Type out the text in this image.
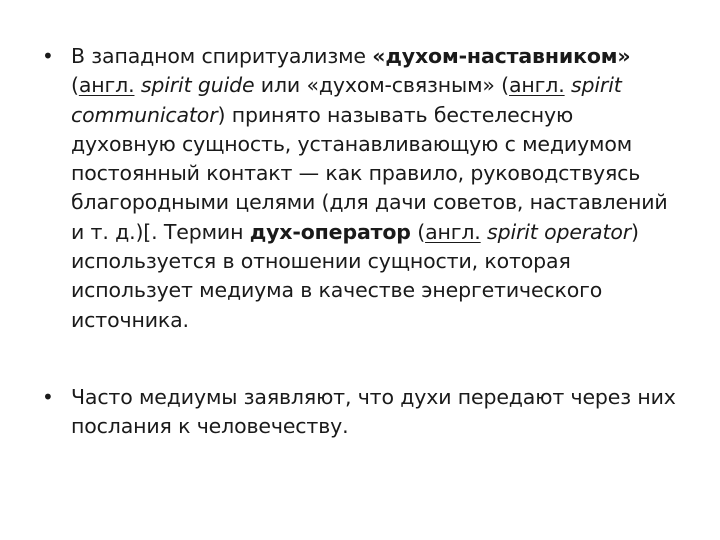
• В западном спиритуализме «духом-наставником» (англ. spirit guide или «духом-связным» (англ. spirit communicator) принято называть бестелесную духовную сущность, устанавливающую с медиумом постоянный контакт — как правило, руководствуясь благородными целями (для дачи советов, наставлений и т. д.)[. Термин дух-оператор (англ. spirit operator) используется в отношении сущности, которая использует медиума в качестве энергетического источника.
• Часто медиумы заявляют, что духи передают через них послания к человечеству.
